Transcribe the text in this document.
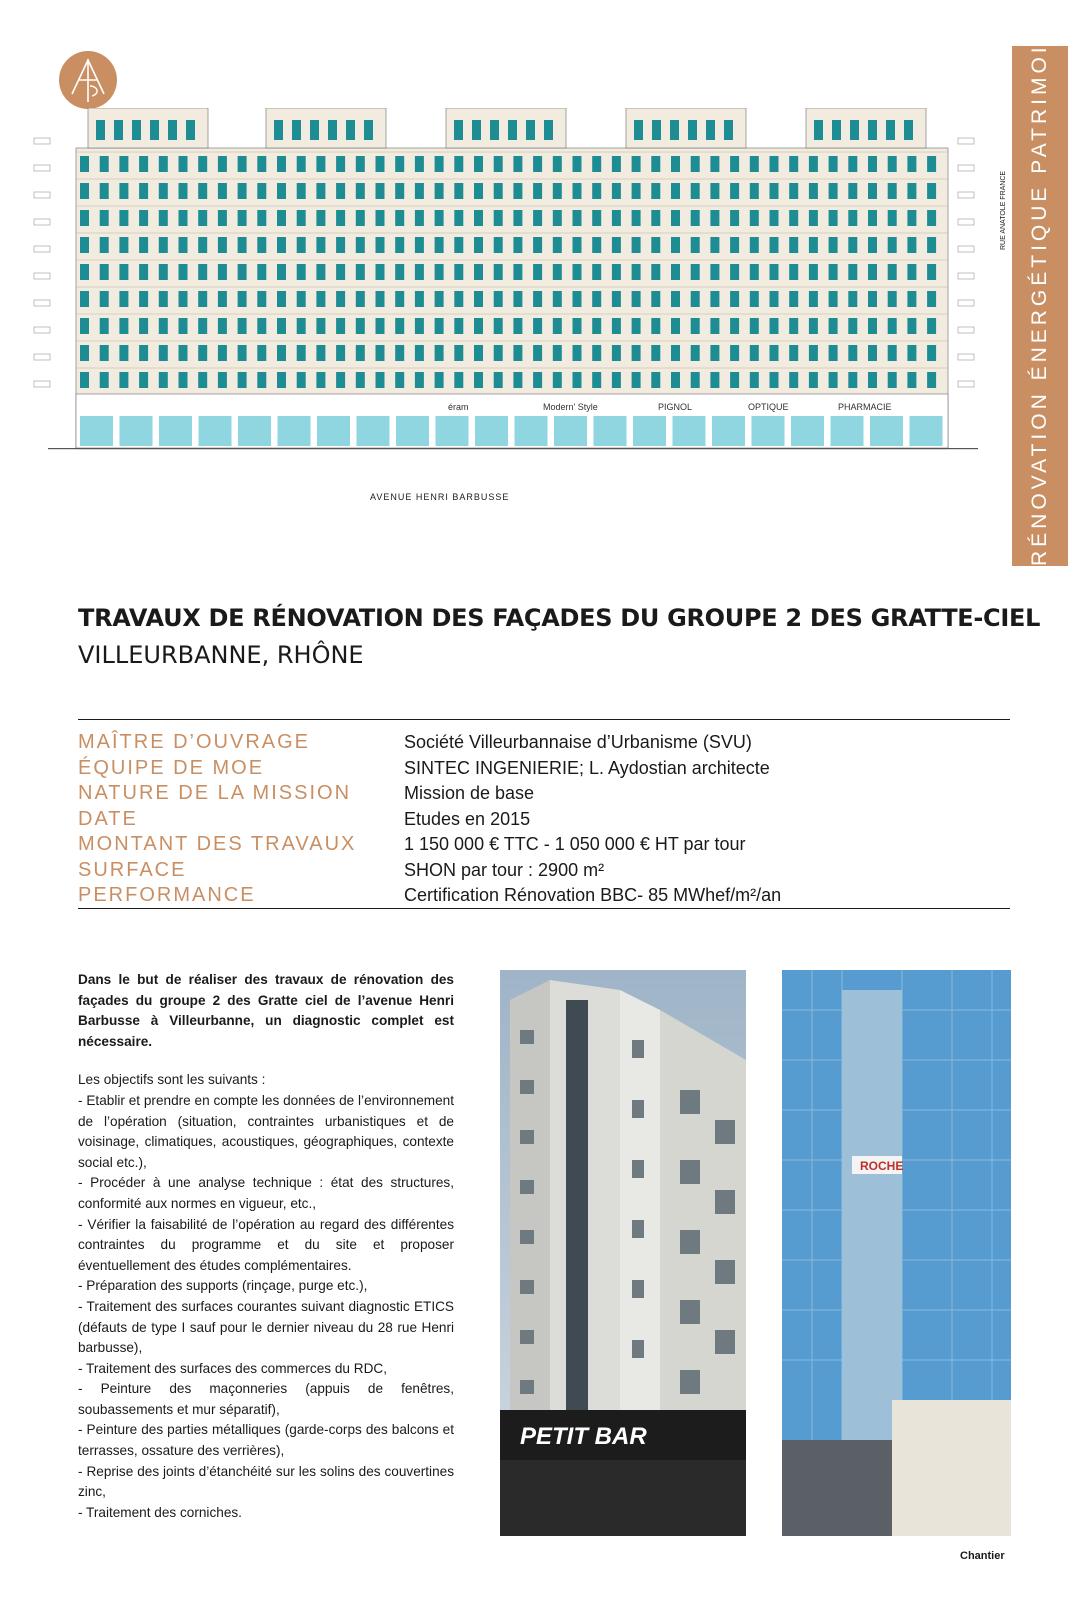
RÉNOVATION ÉNERGÉTIQUE PATRIMOINE
PIGNOL	PHARMACIE
éram	Modern' Style	OPTIQUE
AVENUE HENRI BARBUSSE
RUE ANATOLE FRANCE
TRAVAUX DE RÉNOVATION DES FAÇADES DU GROUPE 2 DES GRATTE-CIEL
VILLEURBANNE, RHÔNE
MAÎTRE D’OUVRAGE	Société Villeurbannaise d’Urbanisme (SVU)
ÉQUIPE DE MOE	SINTEC INGENIERIE; L. Aydostian architecte
NATURE DE LA MISSION	Mission de base
DATE	Etudes en 2015
MONTANT DES TRAVAUX	1 150 000 € TTC - 1 050 000 € HT par tour
SURFACE	SHON par tour : 2900 m²
PERFORMANCE	Certification Rénovation BBC- 85 MWhef/m²/an

Dans le but de réaliser des travaux de rénovation des façades du groupe 2 des Gratte ciel de l’avenue Henri Barbusse à Villeurbanne, un diagnostic complet est nécessaire.

Les objectifs sont les suivants :

- Etablir et prendre en compte les données de l’environnement de l’opération (situation, contraintes urbanistiques et de voisinage, climatiques, acoustiques, géographiques, contexte social etc.),

- Procéder à une analyse technique : état des structures, conformité aux normes en vigueur, etc.,

- Vérifier la faisabilité de l’opération au regard des différentes contraintes du programme et du site et proposer éventuellement des études complémentaires.

- Préparation des supports (rinçage, purge etc.),

- Traitement des surfaces courantes suivant diagnostic ETICS (défauts de type I sauf pour le dernier niveau du 28 rue Henri barbusse),

- Traitement des surfaces des commerces du RDC,

- Peinture des maçonneries (appuis de fenêtres, soubassements et mur séparatif),

- Peinture des parties métalliques (garde-corps des balcons et terrasses, ossature des verrières),

- Reprise des joints d’étanchéité sur les solins des couvertines zinc,

- Traitement des corniches.

PETIT BAR
ROCHE
Chantier
